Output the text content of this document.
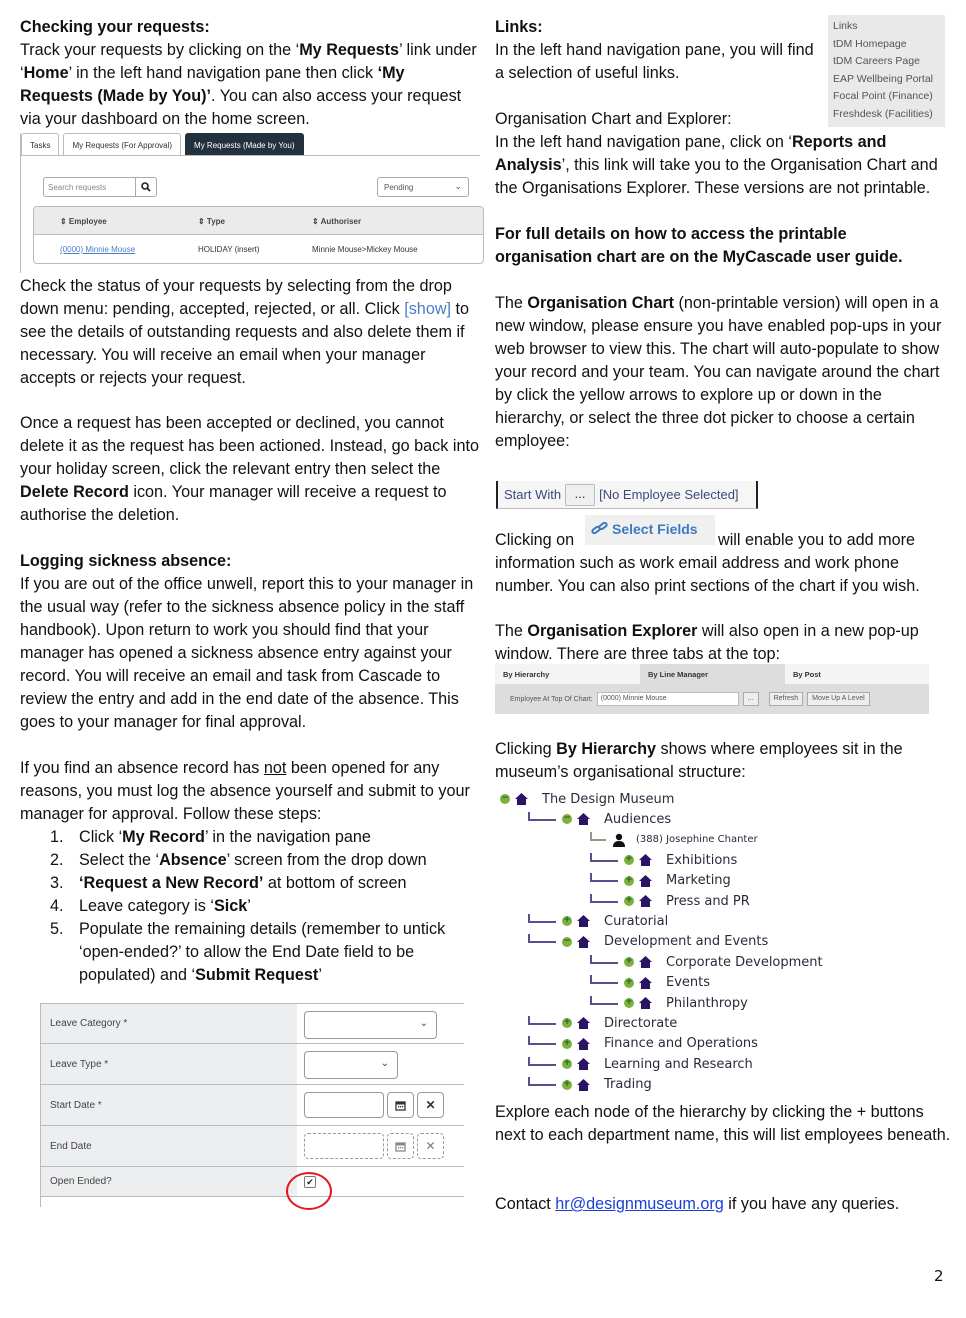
Checking your requests:
Track your requests by clicking on the ‘My Requests’ link under ‘Home’ in the left hand navigation pane then click ‘My Requests (Made by You)’. You can also access your request via your dashboard on the home screen.
Tasks	My Requests (For Approval)	My Requests (Made by You)
Search requests	Pending	⌄
⇕ Employee	⇕ Type	⇕ Authoriser
(0000) Minnie Mouse	HOLIDAY (insert)	Minnie Mouse>Mickey Mouse
Check the status of your requests by selecting from the drop down menu: pending, accepted, rejected, or all. Click [show] to see the details of outstanding requests and also delete them if necessary. You will receive an email when your manager accepts or rejects your request.
Once a request has been accepted or declined, you cannot delete it as the request has been actioned. Instead, go back into your holiday screen, click the relevant entry then select the Delete Record icon. Your manager will receive a request to authorise the deletion.
Logging sickness absence:
If you are out of the office unwell, report this to your manager in the usual way (refer to the sickness absence policy in the staff handbook). Upon return to work you should find that your manager has opened a sickness absence entry against your record. You will receive an email and task from Cascade to review the entry and add in the end date of the absence. This goes to your manager for final approval.
If you find an absence record has not been opened for any reasons, you must log the absence yourself and submit to your manager for approval. Follow these steps:
1. Click ‘My Record’ in the navigation pane
2. Select the ‘Absence’ screen from the drop down
3. ‘Request a New Record’ at bottom of screen
4. Leave category is ‘Sick’
5. Populate the remaining details (remember to untick ‘open-ended?’ to allow the End Date field to be populated) and ‘Submit Request’
Leave Category *	⌄
Leave Type *	⌄
Start Date *	✕
End Date	✕
Open Ended?	✔
Links:
In the left hand navigation pane, you will find a selection of useful links.
Links
tDM Homepage
tDM Careers Page
EAP Wellbeing Portal
Focal Point (Finance)
Freshdesk (Facilities)
Organisation Chart and Explorer:
In the left hand navigation pane, click on ‘Reports and Analysis’, this link will take you to the Organisation Chart and the Organisations Explorer. These versions are not printable.
For full details on how to access the printable organisation chart are on the MyCascade user guide.
The Organisation Chart (non-printable version) will open in a new window, please ensure you have enabled pop-ups in your web browser to view this. The chart will auto-populate to show your record and your team. You can navigate around the chart by click the yellow arrows to explore up or down in the hierarchy, or select the three dot picker to choose a certain employee:
Start With	...	[No Employee Selected]
Select Fields
Clicking on	will enable you to add more
information such as work email address and work phone number. You can also print sections of the chart if you wish.
The Organisation Explorer will also open in a new pop-up window. There are three tabs at the top:
By Hierarchy	By Line Manager	By Post
Employee At Top Of Chart:	(0000) Minnie Mouse	...	Refresh	Move Up A Level
Clicking By Hierarchy shows where employees sit in the museum’s organisational structure:
−	The Design Museum
−	Audiences
(388) Josephine Chanter
+	Exhibitions
+	Marketing
+	Press and PR
+	Curatorial
−	Development and Events
+	Corporate Development
+	Events
+	Philanthropy
+	Directorate
+	Finance and Operations
+	Learning and Research
+	Trading
Explore each node of the hierarchy by clicking the + buttons next to each department name, this will list employees beneath.
Contact hr@designmuseum.org if you have any queries.
2
